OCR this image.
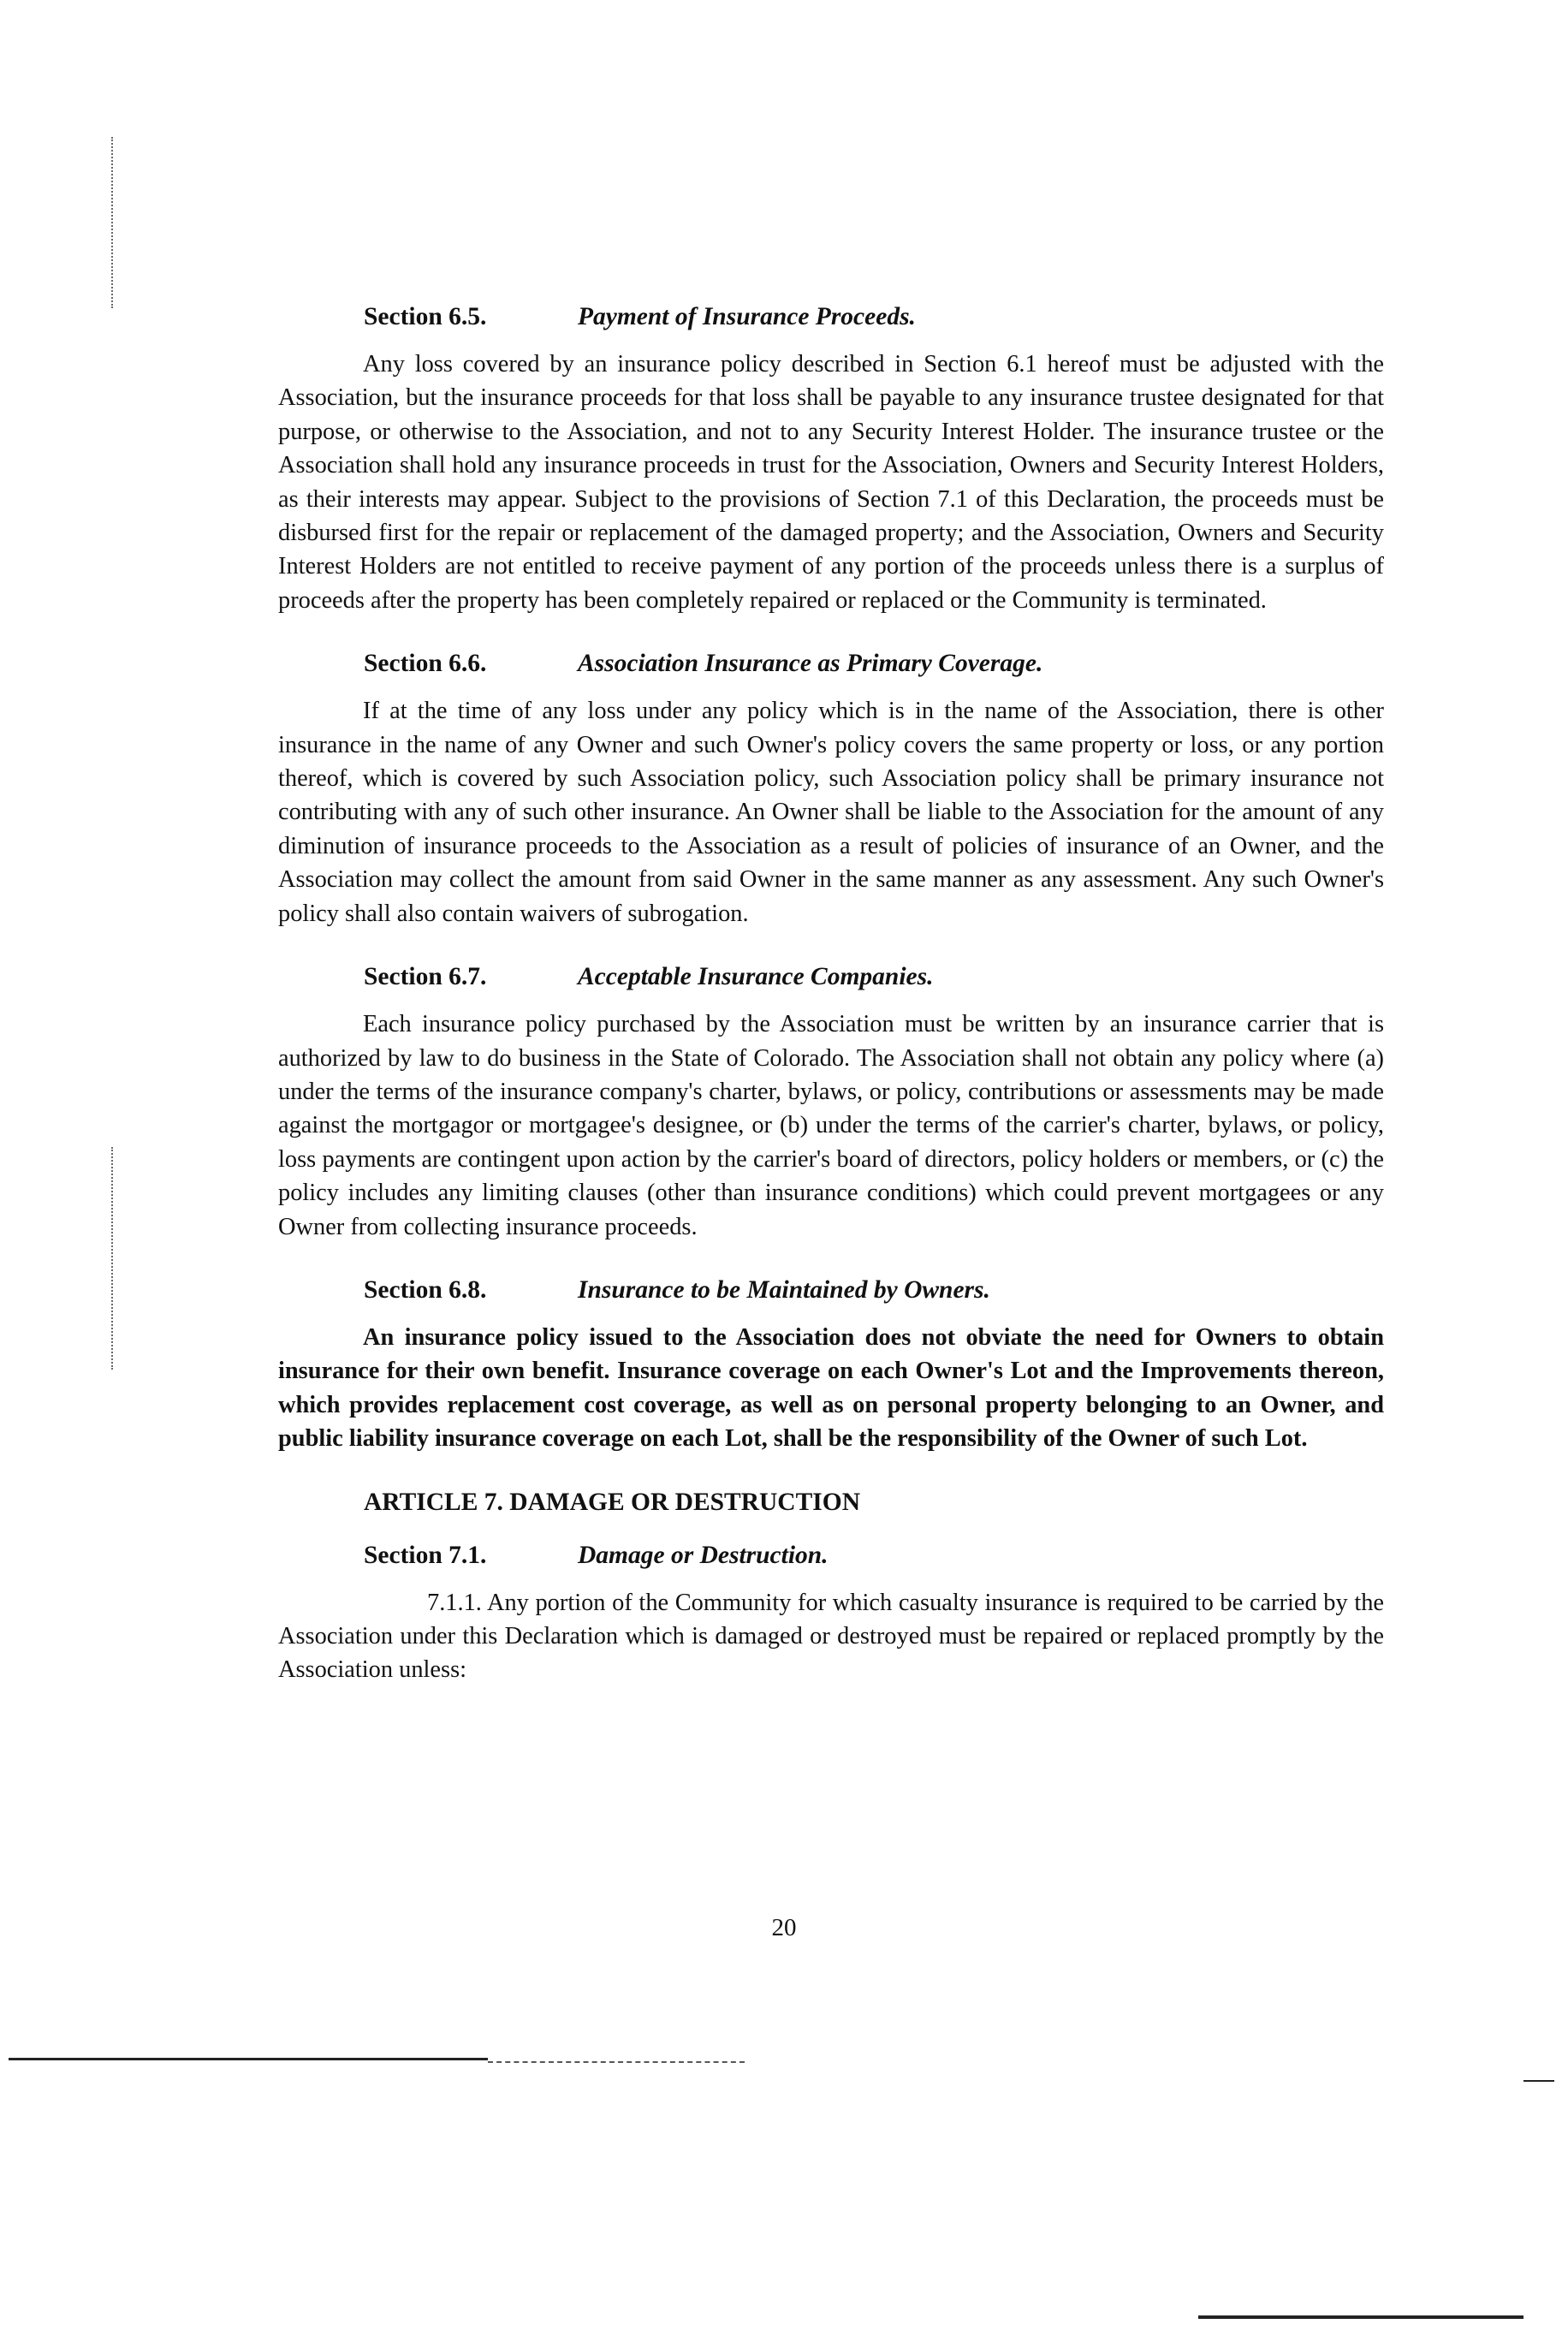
Section 6.5.	Payment of Insurance Proceeds.

Any loss covered by an insurance policy described in Section 6.1 hereof must be adjusted with the Association, but the insurance proceeds for that loss shall be payable to any insurance trustee designated for that purpose, or otherwise to the Association, and not to any Security Interest Holder. The insurance trustee or the Association shall hold any insurance proceeds in trust for the Association, Owners and Security Interest Holders, as their interests may appear. Subject to the provisions of Section 7.1 of this Declaration, the proceeds must be disbursed first for the repair or replacement of the damaged property; and the Association, Owners and Security Interest Holders are not entitled to receive payment of any portion of the proceeds unless there is a surplus of proceeds after the property has been completely repaired or replaced or the Community is terminated.

Section 6.6.	Association Insurance as Primary Coverage.

If at the time of any loss under any policy which is in the name of the Association, there is other insurance in the name of any Owner and such Owner's policy covers the same property or loss, or any portion thereof, which is covered by such Association policy, such Association policy shall be primary insurance not contributing with any of such other insurance. An Owner shall be liable to the Association for the amount of any diminution of insurance proceeds to the Association as a result of policies of insurance of an Owner, and the Association may collect the amount from said Owner in the same manner as any assessment. Any such Owner's policy shall also contain waivers of subrogation.

Section 6.7.	Acceptable Insurance Companies.

Each insurance policy purchased by the Association must be written by an insurance carrier that is authorized by law to do business in the State of Colorado. The Association shall not obtain any policy where (a) under the terms of the insurance company's charter, bylaws, or policy, contributions or assessments may be made against the mortgagor or mortgagee's designee, or (b) under the terms of the carrier's charter, bylaws, or policy, loss payments are contingent upon action by the carrier's board of directors, policy holders or members, or (c) the policy includes any limiting clauses (other than insurance conditions) which could prevent mortgagees or any Owner from collecting insurance proceeds.

Section 6.8.	Insurance to be Maintained by Owners.

An insurance policy issued to the Association does not obviate the need for Owners to obtain insurance for their own benefit. Insurance coverage on each Owner's Lot and the Improvements thereon, which provides replacement cost coverage, as well as on personal property belonging to an Owner, and public liability insurance coverage on each Lot, shall be the responsibility of the Owner of such Lot.

ARTICLE 7. DAMAGE OR DESTRUCTION
Section 7.1.	Damage or Destruction.

7.1.1. Any portion of the Community for which casualty insurance is required to be carried by the Association under this Declaration which is damaged or destroyed must be repaired or replaced promptly by the Association unless:

20
